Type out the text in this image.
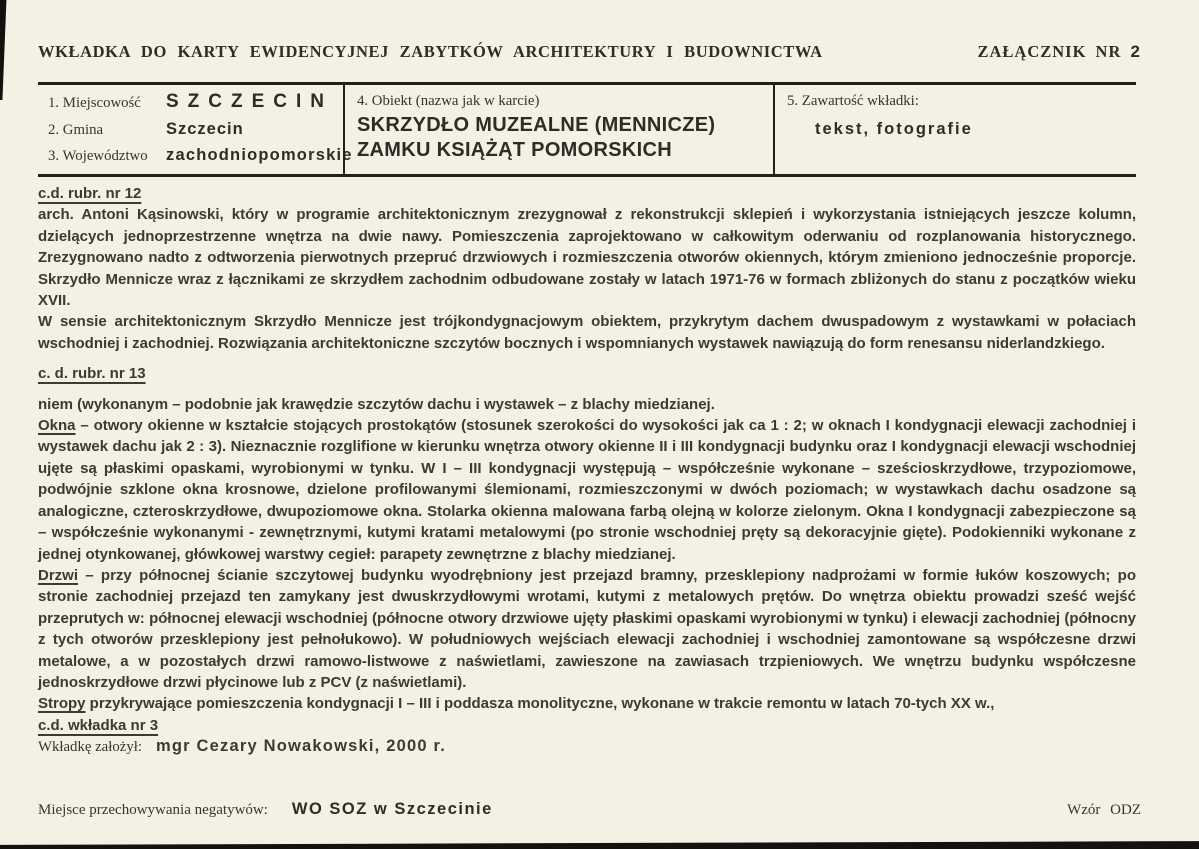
WKŁADKA DO KARTY EWIDENCYJNEJ ZABYTKÓW ARCHITEKTURY I BUDOWNICTWA	ZAŁĄCZNIK NR 2
1. Miejscowość	SZCZECIN
2. Gmina	Szczecin
3. Województwo	zachodniopomorskie
4. Obiekt (nazwa jak w karcie)
SKRZYDŁO MUZEALNE (MENNICZE)
ZAMKU KSIĄŻĄT POMORSKICH
5. Zawartość wkładki:
tekst, fotografie
c.d. rubr. nr 12

arch. Antoni Kąsinowski, który w programie architektonicznym zrezygnował z rekonstrukcji sklepień i wykorzystania istniejących jeszcze kolumn, dzielących jednoprzestrzenne wnętrza na dwie nawy. Pomieszczenia zaprojektowano w całkowitym oderwaniu od rozplanowania historycznego. Zrezygnowano nadto z odtworzenia pierwotnych przepruć drzwiowych i rozmieszczenia otworów okiennych, którym zmieniono jednocześnie proporcje. Skrzydło Mennicze wraz z łącznikami ze skrzydłem zachodnim odbudowane zostały w latach 1971-76 w formach zbliżonych do stanu z początków wieku XVII.

W sensie architektonicznym Skrzydło Mennicze jest trójkondygnacjowym obiektem, przykrytym dachem dwuspadowym z wystawkami w połaciach wschodniej i zachodniej. Rozwiązania architektoniczne szczytów bocznych i wspomnianych wystawek nawiązują do form renesansu niderlandzkiego.

c. d. rubr. nr 13

niem (wykonanym – podobnie jak krawędzie szczytów dachu i wystawek – z blachy miedzianej.

Okna – otwory okienne w kształcie stojących prostokątów (stosunek szerokości do wysokości jak ca 1 : 2; w oknach I kondygnacji elewacji zachodniej i wystawek dachu jak 2 : 3). Nieznacznie rozglifione w kierunku wnętrza otwory okienne II i III kondygnacji budynku oraz I kondygnacji elewacji wschodniej ujęte są płaskimi opaskami, wyrobionymi w tynku. W I – III kondygnacji występują – współcześnie wykonane – sześcioskrzydłowe, trzypoziomowe, podwójnie szklone okna krosnowe, dzielone profilowanymi ślemionami, rozmieszczonymi w dwóch poziomach; w wystawkach dachu osadzone są analogiczne, czteroskrzydłowe, dwupoziomowe okna. Stolarka okienna malowana farbą olejną w kolorze zielonym. Okna I kondygnacji zabezpieczone są – współcześnie wykonanymi - zewnętrznymi, kutymi kratami metalowymi (po stronie wschodniej pręty są dekoracyjnie gięte). Podokienniki wykonane z jednej otynkowanej, główkowej warstwy cegieł: parapety zewnętrzne z blachy miedzianej.

Drzwi – przy północnej ścianie szczytowej budynku wyodrębniony jest przejazd bramny, przesklepiony nadprożami w formie łuków koszowych; po stronie zachodniej przejazd ten zamykany jest dwuskrzydłowymi wrotami, kutymi z metalowych prętów. Do wnętrza obiektu prowadzi sześć wejść przeprutych w: północnej elewacji wschodniej (północne otwory drzwiowe ujęty płaskimi opaskami wyrobionymi w tynku) i elewacji zachodniej (północny z tych otworów przesklepiony jest pełnołukowo). W południowych wejściach elewacji zachodniej i wschodniej zamontowane są współczesne drzwi metalowe, a w pozostałych drzwi ramowo-listwowe z naświetlami, zawieszone na zawiasach trzpieniowych. We wnętrzu budynku współczesne jednoskrzydłowe drzwi płycinowe lub z PCV (z naświetlami).

Stropy przykrywające pomieszczenia kondygnacji I – III i poddasza monolityczne, wykonane w trakcie remontu w latach 70-tych XX w.,

c.d. wkładka nr 3

Wkładkę założył: mgr Cezary Nowakowski, 2000 r.

Miejsce przechowywania negatywów: WO SOZ w Szczecinie	Wzór ODZ
